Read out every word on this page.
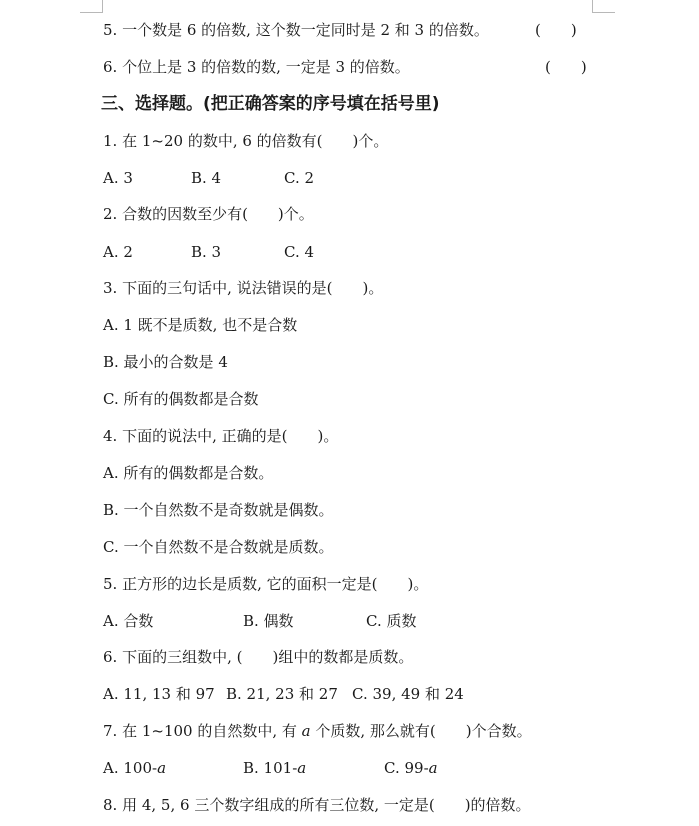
5. 一个数是 6 的倍数, 这个数一定同时是 2 和 3 的倍数。	(　　)
6. 个位上是 3 的倍数的数, 一定是 3 的倍数。	(　　)
三、选择题。(把正确答案的序号填在括号里)
1. 在 1~20 的数中, 6 的倍数有(　　)个。
A. 3	B. 4	C. 2
2. 合数的因数至少有(　　)个。
A. 2	B. 3	C. 4
3. 下面的三句话中, 说法错误的是(　　)。
A. 1 既不是质数, 也不是合数
B. 最小的合数是 4
C. 所有的偶数都是合数
4. 下面的说法中, 正确的是(　　)。
A. 所有的偶数都是合数。
B. 一个自然数不是奇数就是偶数。
C. 一个自然数不是合数就是质数。
5. 正方形的边长是质数, 它的面积一定是(　　)。
A. 合数	B. 偶数	C. 质数
6. 下面的三组数中, (　　)组中的数都是质数。
A. 11, 13 和 97 B. 21, 23 和 27 C. 39, 49 和 24
7. 在 1~100 的自然数中, 有 a 个质数, 那么就有(　　)个合数。
A. 100-a	B. 101-a	C. 99-a
8. 用 4, 5, 6 三个数字组成的所有三位数, 一定是(　　)的倍数。
